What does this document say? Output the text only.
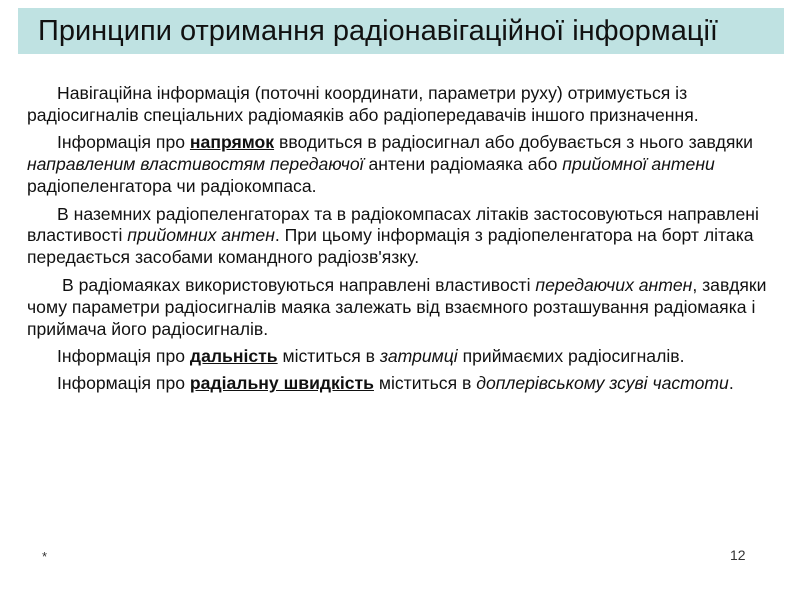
Принципи отримання радіонавігаційної інформації

Навігаційна інформація (поточні координати, параметри руху) отримується із радіосигналів спеціальних радіомаяків або радіопередавачів іншого призначення.

Інформація про напрямок вводиться в радіосигнал або добувається з нього завдяки направленим властивостям передаючої антени радіомаяка або прийомної антени радіопеленгатора чи радіокомпаса.

В наземних радіопеленгаторах та в радіокомпасах літаків застосовуються направлені властивості прийомних антен. При цьому інформація з радіопеленгатора на борт літака передається засобами командного радіозв'язку.

В радіомаяках використовуються направлені властивості передаючих антен, завдяки чому параметри радіосигналів маяка залежать від взаємного розташування радіомаяка і приймача його радіосигналів.

Інформація про дальність міститься в затримці приймаємих радіосигналів.

Інформація про радіальну швидкість міститься в доплерівському зсуві частоти.

*	12
